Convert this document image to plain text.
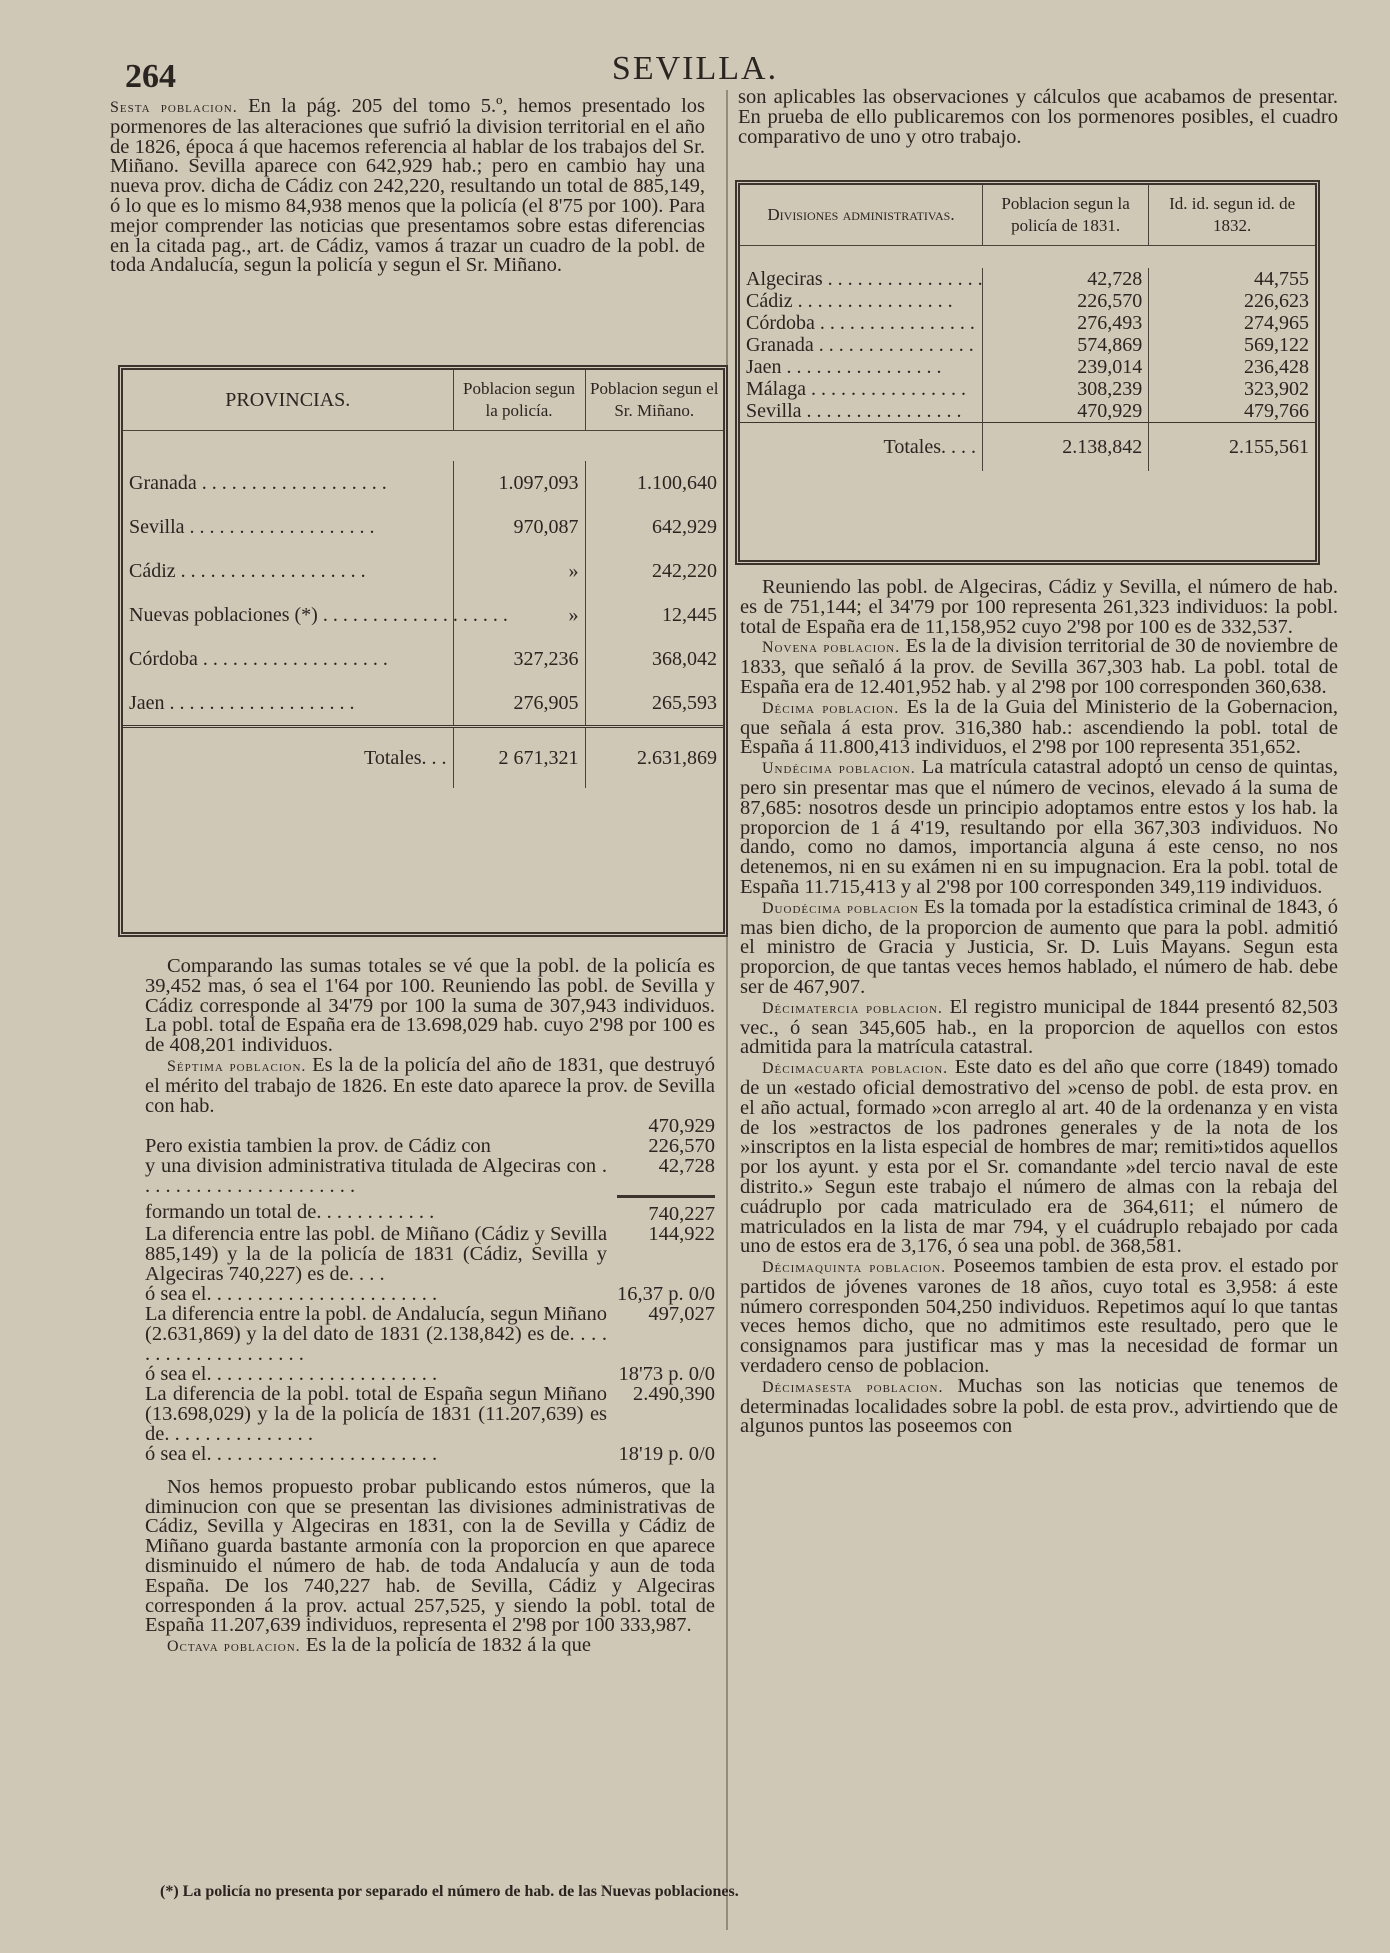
264	SEVILLA.

Sesta poblacion. En la pág. 205 del tomo 5.º, hemos presentado los pormenores de las alteraciones que sufrió la division territorial en el año de 1826, época á que hacemos referencia al hablar de los trabajos del Sr. Miñano. Sevilla aparece con 642,929 hab.; pero en cambio hay una nueva prov. dicha de Cádiz con 242,220, resultando un total de 885,149, ó lo que es lo mismo 84,938 menos que la policía (el 8'75 por 100). Para mejor comprender las noticias que presentamos sobre estas diferencias en la citada pag., art. de Cádiz, vamos á trazar un cuadro de la pobl. de toda Andalucía, segun la policía y segun el Sr. Miñano.

PROVINCIAS.	Poblacion segun la policía.	Poblacion segun el Sr. Miñano.

Granada . . . . . . . . . . . . . . . . . . .	1.097,093	1.100,640
Sevilla . . . . . . . . . . . . . . . . . . .	970,087	642,929
Cádiz . . . . . . . . . . . . . . . . . . .	»	242,220
Nuevas poblaciones (*) . . . . . . . . . . . . . . . . . . .	»	12,445
Córdoba . . . . . . . . . . . . . . . . . . .	327,236	368,042
Jaen . . . . . . . . . . . . . . . . . . .	276,905	265,593
Totales. . .	2 671,321	2.631,869

Comparando las sumas totales se vé que la pobl. de la policía es 39,452 mas, ó sea el 1'64 por 100. Reuniendo las pobl. de Sevilla y Cádiz corresponde al 34'79 por 100 la suma de 307,943 individuos. La pobl. total de España era de 13.698,029 hab. cuyo 2'98 por 100 es de 408,201 individuos.

Séptima poblacion. Es la de la policía del año de 1831, que destruyó el mérito del trabajo de 1826. En este dato aparece la prov. de Sevilla con hab.

	470,929
Pero existia tambien la prov. de Cádiz con	226,570
y una division administrativa titulada de Algeciras con . . . . . . . . . . . . . . . . . . . . . .	42,728
formando un total de. . . . . . . . . . . .	740,227
La diferencia entre las pobl. de Miñano (Cádiz y Sevilla 885,149) y la de la policía de 1831 (Cádiz, Sevilla y Algeciras 740,227) es de. . . .	144,922
ó sea el. . . . . . . . . . . . . . . . . . . . . . .	16,37 p. 0/0
La diferencia entre la pobl. de Andalucía, segun Miñano (2.631,869) y la del dato de 1831 (2.138,842) es de. . . . . . . . . . . . . . . . . . . .	497,027
ó sea el. . . . . . . . . . . . . . . . . . . . . . .	18'73 p. 0/0
La diferencia de la pobl. total de España segun Miñano (13.698,029) y la de la policía de 1831 (11.207,639) es de. . . . . . . . . . . . . . .	2.490,390
ó sea el. . . . . . . . . . . . . . . . . . . . . . .	18'19 p. 0/0

Nos hemos propuesto probar publicando estos números, que la diminucion con que se presentan las divisiones administrativas de Cádiz, Sevilla y Algeciras en 1831, con la de Sevilla y Cádiz de Miñano guarda bastante armonía con la proporcion en que aparece disminuido el número de hab. de toda Andalucía y aun de toda España. De los 740,227 hab. de Sevilla, Cádiz y Algeciras corresponden á la prov. actual 257,525, y siendo la pobl. total de España 11.207,639 individuos, representa el 2'98 por 100 333,987.

Octava poblacion. Es la de la policía de 1832 á la que

son aplicables las observaciones y cálculos que acabamos de presentar. En prueba de ello publicaremos con los pormenores posibles, el cuadro comparativo de uno y otro trabajo.

Divisiones administrativas.	Poblacion segun la policía de 1831.	Id. id. segun id. de 1832.

Algeciras . . . . . . . . . . . . . . . .	42,728	44,755
Cádiz . . . . . . . . . . . . . . . .	226,570	226,623
Córdoba . . . . . . . . . . . . . . . .	276,493	274,965
Granada . . . . . . . . . . . . . . . .	574,869	569,122
Jaen . . . . . . . . . . . . . . . .	239,014	236,428
Málaga . . . . . . . . . . . . . . . .	308,239	323,902
Sevilla . . . . . . . . . . . . . . . .	470,929	479,766
Totales. . . .	2.138,842	2.155,561

Reuniendo las pobl. de Algeciras, Cádiz y Sevilla, el número de hab. es de 751,144; el 34'79 por 100 representa 261,323 individuos: la pobl. total de España era de 11,158,952 cuyo 2'98 por 100 es de 332,537.

Novena poblacion. Es la de la division territorial de 30 de noviembre de 1833, que señaló á la prov. de Sevilla 367,303 hab. La pobl. total de España era de 12.401,952 hab. y al 2'98 por 100 corresponden 360,638.

Décima poblacion. Es la de la Guia del Ministerio de la Gobernacion, que señala á esta prov. 316,380 hab.: ascendiendo la pobl. total de España á 11.800,413 individuos, el 2'98 por 100 representa 351,652.

Undécima poblacion. La matrícula catastral adoptó un censo de quintas, pero sin presentar mas que el número de vecinos, elevado á la suma de 87,685: nosotros desde un principio adoptamos entre estos y los hab. la proporcion de 1 á 4'19, resultando por ella 367,303 individuos. No dando, como no damos, importancia alguna á este censo, no nos detenemos, ni en su exámen ni en su impugnacion. Era la pobl. total de España 11.715,413 y al 2'98 por 100 corresponden 349,119 individuos.

Duodécima poblacion Es la tomada por la estadística criminal de 1843, ó mas bien dicho, de la proporcion de aumento que para la pobl. admitió el ministro de Gracia y Justicia, Sr. D. Luis Mayans. Segun esta proporcion, de que tantas veces hemos hablado, el número de hab. debe ser de 467,907.

Décimatercia poblacion. El registro municipal de 1844 presentó 82,503 vec., ó sean 345,605 hab., en la proporcion de aquellos con estos admitida para la matrícula catastral.

Décimacuarta poblacion. Este dato es del año que corre (1849) tomado de un «estado oficial demostrativo del »censo de pobl. de esta prov. en el año actual, formado »con arreglo al art. 40 de la ordenanza y en vista de los »estractos de los padrones generales y de la nota de los »inscriptos en la lista especial de hombres de mar; remiti»tidos aquellos por los ayunt. y esta por el Sr. comandante »del tercio naval de este distrito.» Segun este trabajo el número de almas con la rebaja del cuádruplo por cada matriculado era de 364,611; el número de matriculados en la lista de mar 794, y el cuádruplo rebajado por cada uno de estos era de 3,176, ó sea una pobl. de 368,581.

Décimaquinta poblacion. Poseemos tambien de esta prov. el estado por partidos de jóvenes varones de 18 años, cuyo total es 3,958: á este número corresponden 504,250 individuos. Repetimos aquí lo que tantas veces hemos dicho, que no admitimos este resultado, pero que le consignamos para justificar mas y mas la necesidad de formar un verdadero censo de poblacion.

Décimasesta poblacion. Muchas son las noticias que tenemos de determinadas localidades sobre la pobl. de esta prov., advirtiendo que de algunos puntos las poseemos con

(*) La policía no presenta por separado el número de hab. de las Nuevas poblaciones.
